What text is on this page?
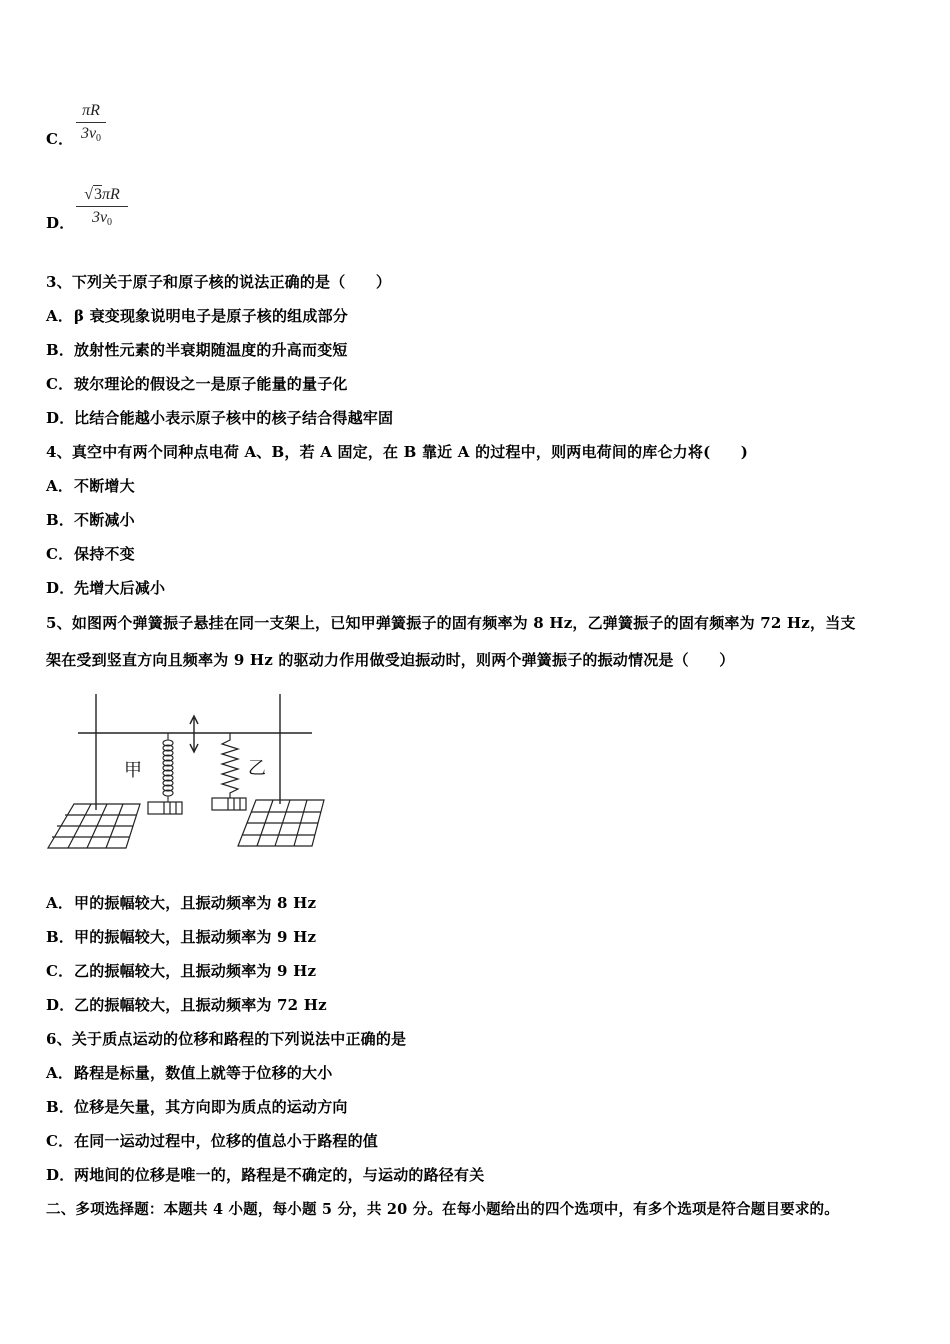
C．
πR
$3v_0$
D．
√3πR
$3v_0$
3、下列关于原子和原子核的说法正确的是（　　）
A．β 衰变现象说明电子是原子核的组成部分
B．放射性元素的半衰期随温度的升高而变短
C．玻尔理论的假设之一是原子能量的量子化
D．比结合能越小表示原子核中的核子结合得越牢固
4、真空中有两个同种点电荷 A、B，若 A 固定，在 B 靠近 A 的过程中，则两电荷间的库仑力将(　　)
A．不断增大
B．不断减小
C．保持不变
D．先增大后减小
5、如图两个弹簧振子悬挂在同一支架上，已知甲弹簧振子的固有频率为 8 Hz，乙弹簧振子的固有频率为 72 Hz，当支
架在受到竖直方向且频率为 9 Hz 的驱动力作用做受迫振动时，则两个弹簧振子的振动情况是（　　）
甲	乙
A．甲的振幅较大，且振动频率为 8 Hz
B．甲的振幅较大，且振动频率为 9 Hz
C．乙的振幅较大，且振动频率为 9 Hz
D．乙的振幅较大，且振动频率为 72 Hz
6、关于质点运动的位移和路程的下列说法中正确的是
A．路程是标量，数值上就等于位移的大小
B．位移是矢量，其方向即为质点的运动方向
C．在同一运动过程中，位移的值总小于路程的值
D．两地间的位移是唯一的，路程是不确定的，与运动的路径有关
二、多项选择题：本题共 4 小题，每小题 5 分，共 20 分。在每小题给出的四个选项中，有多个选项是符合题目要求的。
